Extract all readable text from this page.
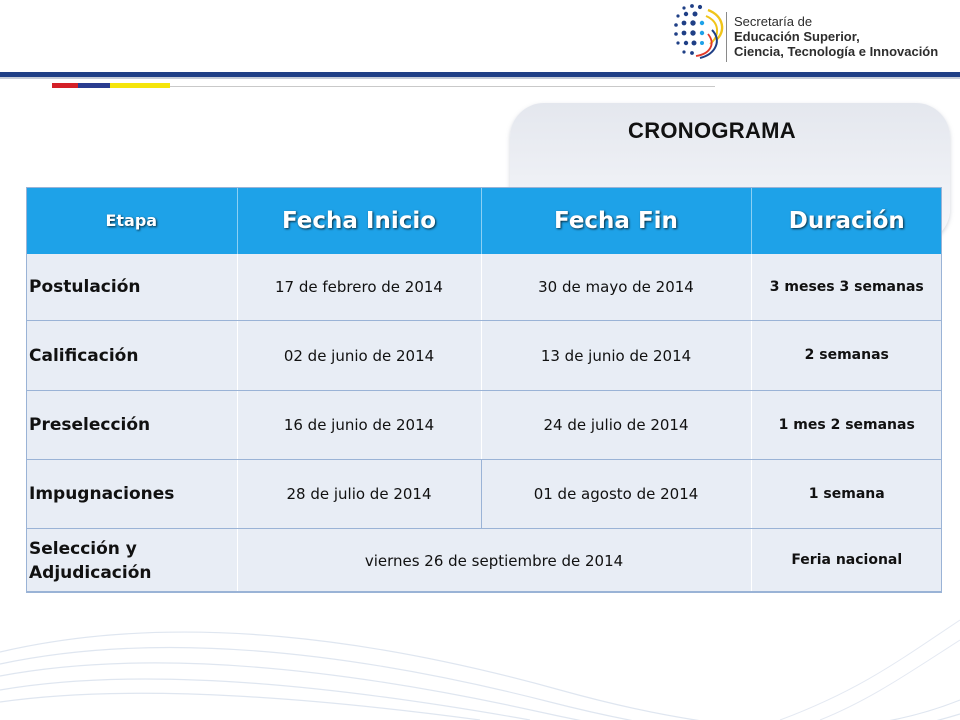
Secretaría de
Educación Superior,
Ciencia, Tecnología e Innovación
CRONOGRAMA
Etapa	Fecha Inicio	Fecha Fin	Duración
Postulación	17 de febrero de 2014	30 de mayo de 2014	3 meses 3 semanas
Calificación	02 de junio de 2014	13 de junio de 2014	2 semanas
Preselección	16 de junio de 2014	24 de julio de 2014	1 mes 2 semanas
Impugnaciones	28 de julio de 2014	01 de agosto de 2014	1 semana
Selección y Adjudicación	viernes 26 de septiembre de 2014		Feria nacional
